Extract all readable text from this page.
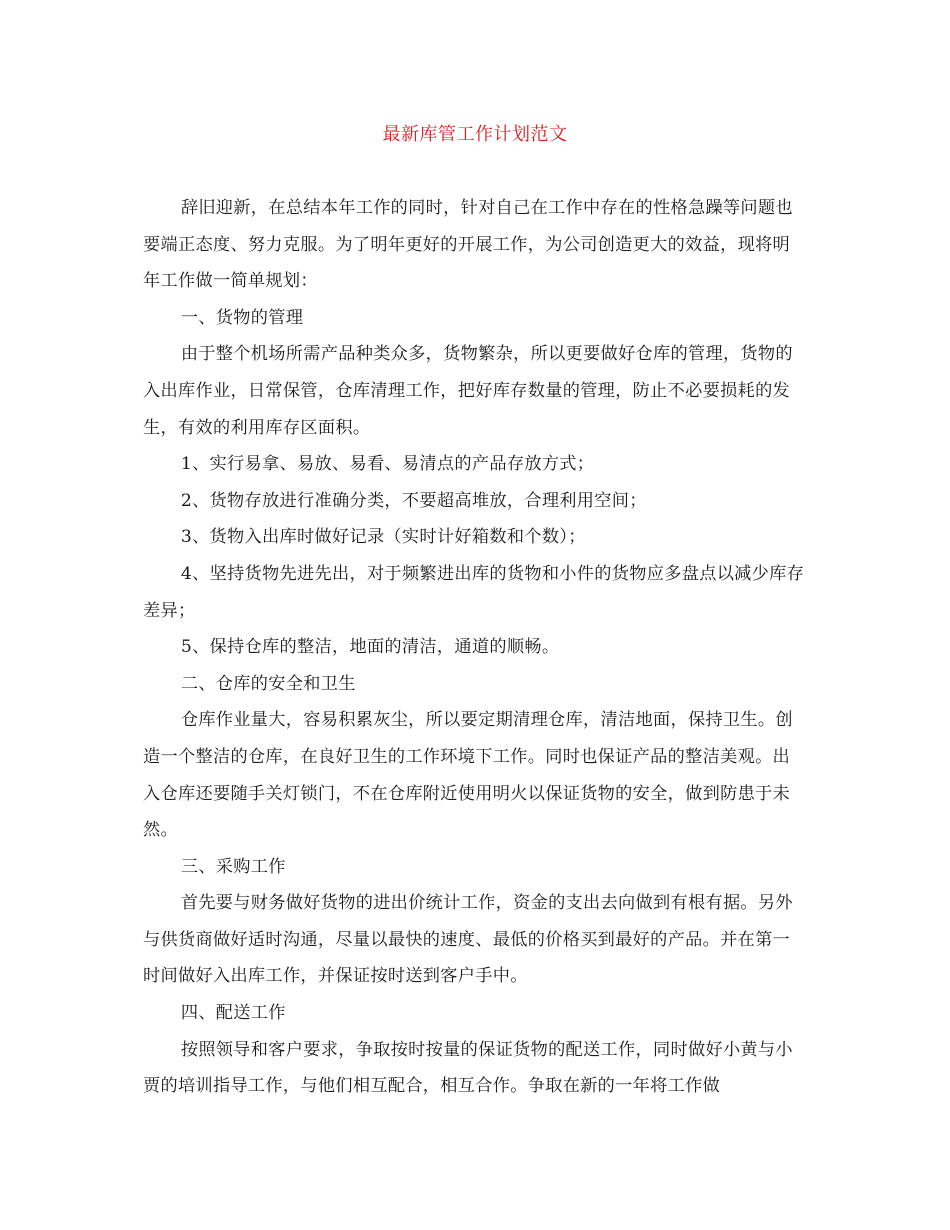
最新库管工作计划范文

辞旧迎新，在总结本年工作的同时，针对自己在工作中存在的性格急躁等问题也要端正态度、努力克服。为了明年更好的开展工作，为公司创造更大的效益，现将明年工作做一简单规划：

一、货物的管理

由于整个机场所需产品种类众多，货物繁杂，所以更要做好仓库的管理，货物的入出库作业，日常保管，仓库清理工作，把好库存数量的管理，防止不必要损耗的发生，有效的利用库存区面积。

1、实行易拿、易放、易看、易清点的产品存放方式；

2、货物存放进行准确分类，不要超高堆放，合理利用空间；

3、货物入出库时做好记录（实时计好箱数和个数）；

4、坚持货物先进先出，对于频繁进出库的货物和小件的货物应多盘点以减少库存差异；

5、保持仓库的整洁，地面的清洁，通道的顺畅。

二、仓库的安全和卫生

仓库作业量大，容易积累灰尘，所以要定期清理仓库，清洁地面，保持卫生。创造一个整洁的仓库，在良好卫生的工作环境下工作。同时也保证产品的整洁美观。出入仓库还要随手关灯锁门，不在仓库附近使用明火以保证货物的安全，做到防患于未然。

三、采购工作

首先要与财务做好货物的进出价统计工作，资金的支出去向做到有根有据。另外与供货商做好适时沟通，尽量以最快的速度、最低的价格买到最好的产品。并在第一时间做好入出库工作，并保证按时送到客户手中。

四、配送工作

按照领导和客户要求，争取按时按量的保证货物的配送工作，同时做好小黄与小贾的培训指导工作，与他们相互配合，相互合作。争取在新的一年将工作做
